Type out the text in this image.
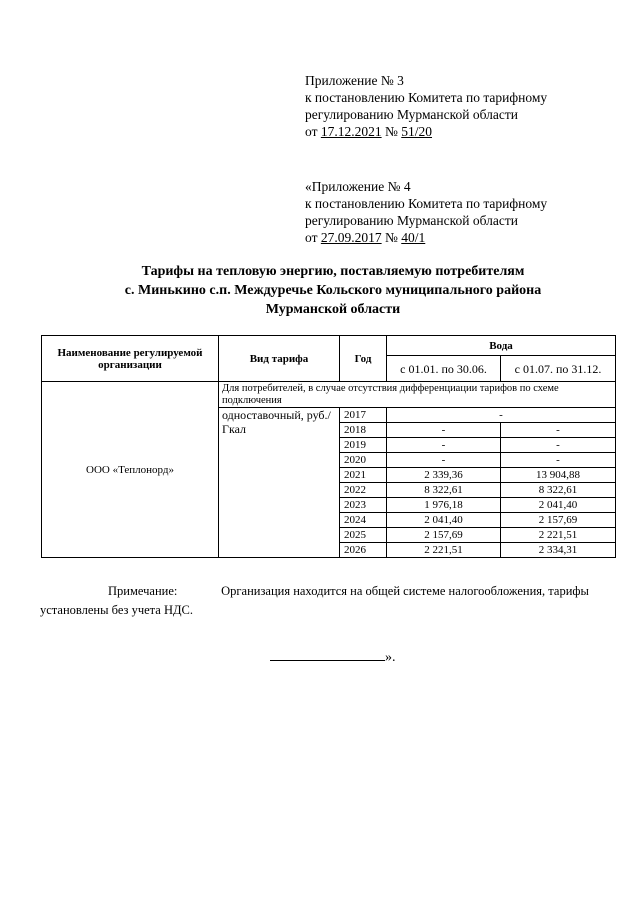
Приложение № 3
к постановлению Комитета по тарифному
регулированию Мурманской области
от 17.12.2021 № 51/20
«Приложение № 4
к постановлению Комитета по тарифному
регулированию Мурманской области
от 27.09.2017 № 40/1
Тарифы на тепловую энергию, поставляемую потребителям
с. Минькино с.п. Междуречье Кольского муниципального района
Мурманской области
Наименование регулируемой организации	Вид тарифа	Год	Вода	
			с 01.01. по 30.06.	с 01.07. по 31.12.
ООО «Теплонорд»	Для потребителей, в случае отсутствия дифференциации тарифов по схеме подключения			
	одноставочный, руб./Гкал	2017	-	
		2018	-	-
		2019	-	-
		2020	-	-
		2021	2 339,36	13 904,88
		2022	8 322,61	8 322,61
		2023	1 976,18	2 041,40
		2024	2 041,40	2 157,69
		2025	2 157,69	2 221,51
		2026	2 221,51	2 334,31
Примечание:	Организация находится на общей системе налогообложения, тарифы установлены без учета НДС.
».
